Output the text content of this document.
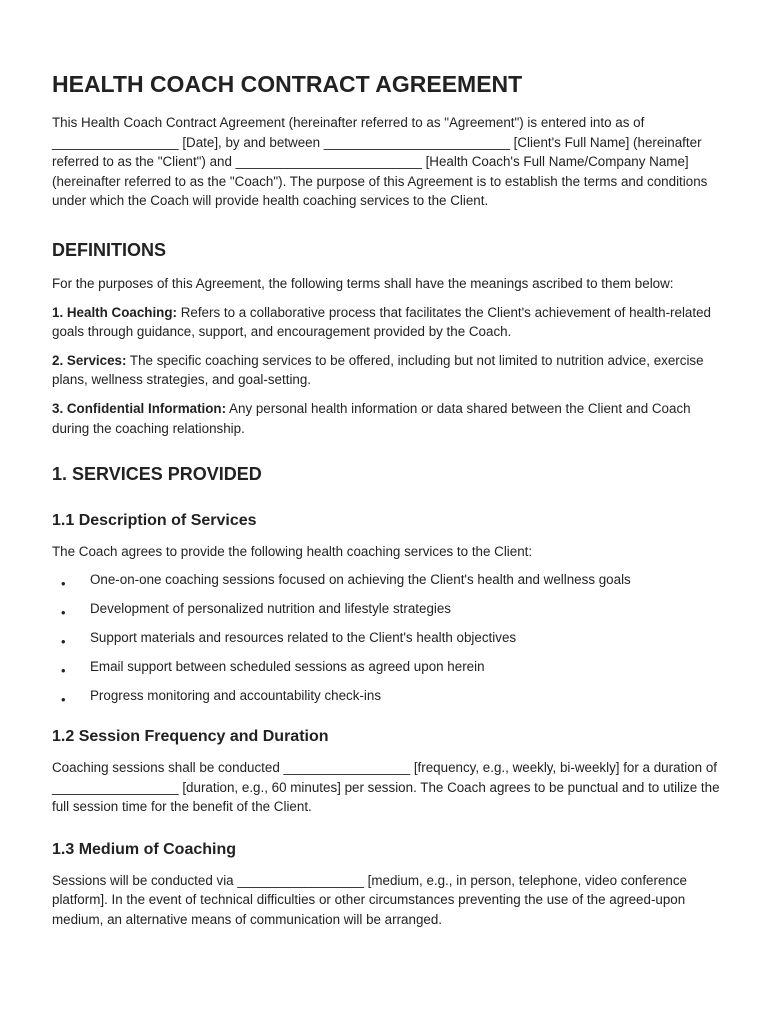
HEALTH COACH CONTRACT AGREEMENT

This Health Coach Contract Agreement (hereinafter referred to as "Agreement") is entered into as of _________________ [Date], by and between _________________________ [Client's Full Name] (hereinafter referred to as the "Client") and _________________________ [Health Coach's Full Name/Company Name] (hereinafter referred to as the "Coach"). The purpose of this Agreement is to establish the terms and conditions under which the Coach will provide health coaching services to the Client.

DEFINITIONS

For the purposes of this Agreement, the following terms shall have the meanings ascribed to them below:

1. Health Coaching: Refers to a collaborative process that facilitates the Client's achievement of health-related goals through guidance, support, and encouragement provided by the Coach.

2. Services: The specific coaching services to be offered, including but not limited to nutrition advice, exercise plans, wellness strategies, and goal-setting.

3. Confidential Information: Any personal health information or data shared between the Client and Coach during the coaching relationship.

1. SERVICES PROVIDED
1.1 Description of Services

The Coach agrees to provide the following health coaching services to the Client:

• One-on-one coaching sessions focused on achieving the Client's health and wellness goals
• Development of personalized nutrition and lifestyle strategies
• Support materials and resources related to the Client's health objectives
• Email support between scheduled sessions as agreed upon herein
• Progress monitoring and accountability check-ins
1.2 Session Frequency and Duration

Coaching sessions shall be conducted _________________ [frequency, e.g., weekly, bi-weekly] for a duration of _________________ [duration, e.g., 60 minutes] per session. The Coach agrees to be punctual and to utilize the full session time for the benefit of the Client.

1.3 Medium of Coaching

Sessions will be conducted via _________________ [medium, e.g., in person, telephone, video conference platform]. In the event of technical difficulties or other circumstances preventing the use of the agreed-upon medium, an alternative means of communication will be arranged.
